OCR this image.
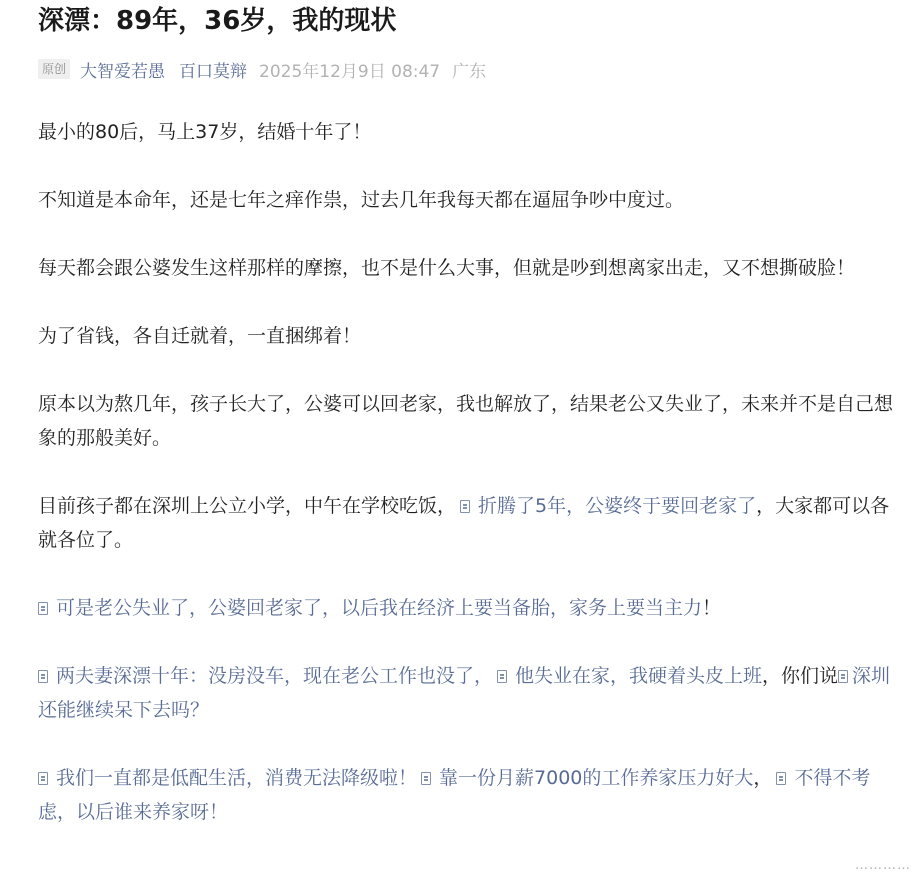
深漂：89年，36岁，我的现状
原创 大智爱若愚 百口莫辩 2025年12月9日 08:47 广东

最小的80后，马上37岁，结婚十年了！

不知道是本命年，还是七年之痒作祟，过去几年我每天都在逼屈争吵中度过。

每天都会跟公婆发生这样那样的摩擦，也不是什么大事，但就是吵到想离家出走，又不想撕破脸！

为了省钱，各自迁就着，一直捆绑着！

原本以为熬几年，孩子长大了，公婆可以回老家，我也解放了，结果老公又失业了，未来并不是自己想象的那般美好。

目前孩子都在深圳上公立小学，中午在学校吃饭， 折腾了5年，公婆终于要回老家了，大家都可以各就各位了。

可是老公失业了，公婆回老家了，以后我在经济上要当备胎，家务上要当主力！

两夫妻深漂十年：没房没车，现在老公工作也没了， 他失业在家，我硬着头皮上班，你们说 深圳还能继续呆下去吗？

我们一直都是低配生活，消费无法降级啦！ 靠一份月薪7000的工作养家压力好大， 不得不考虑，以后谁来养家呀！

…………
